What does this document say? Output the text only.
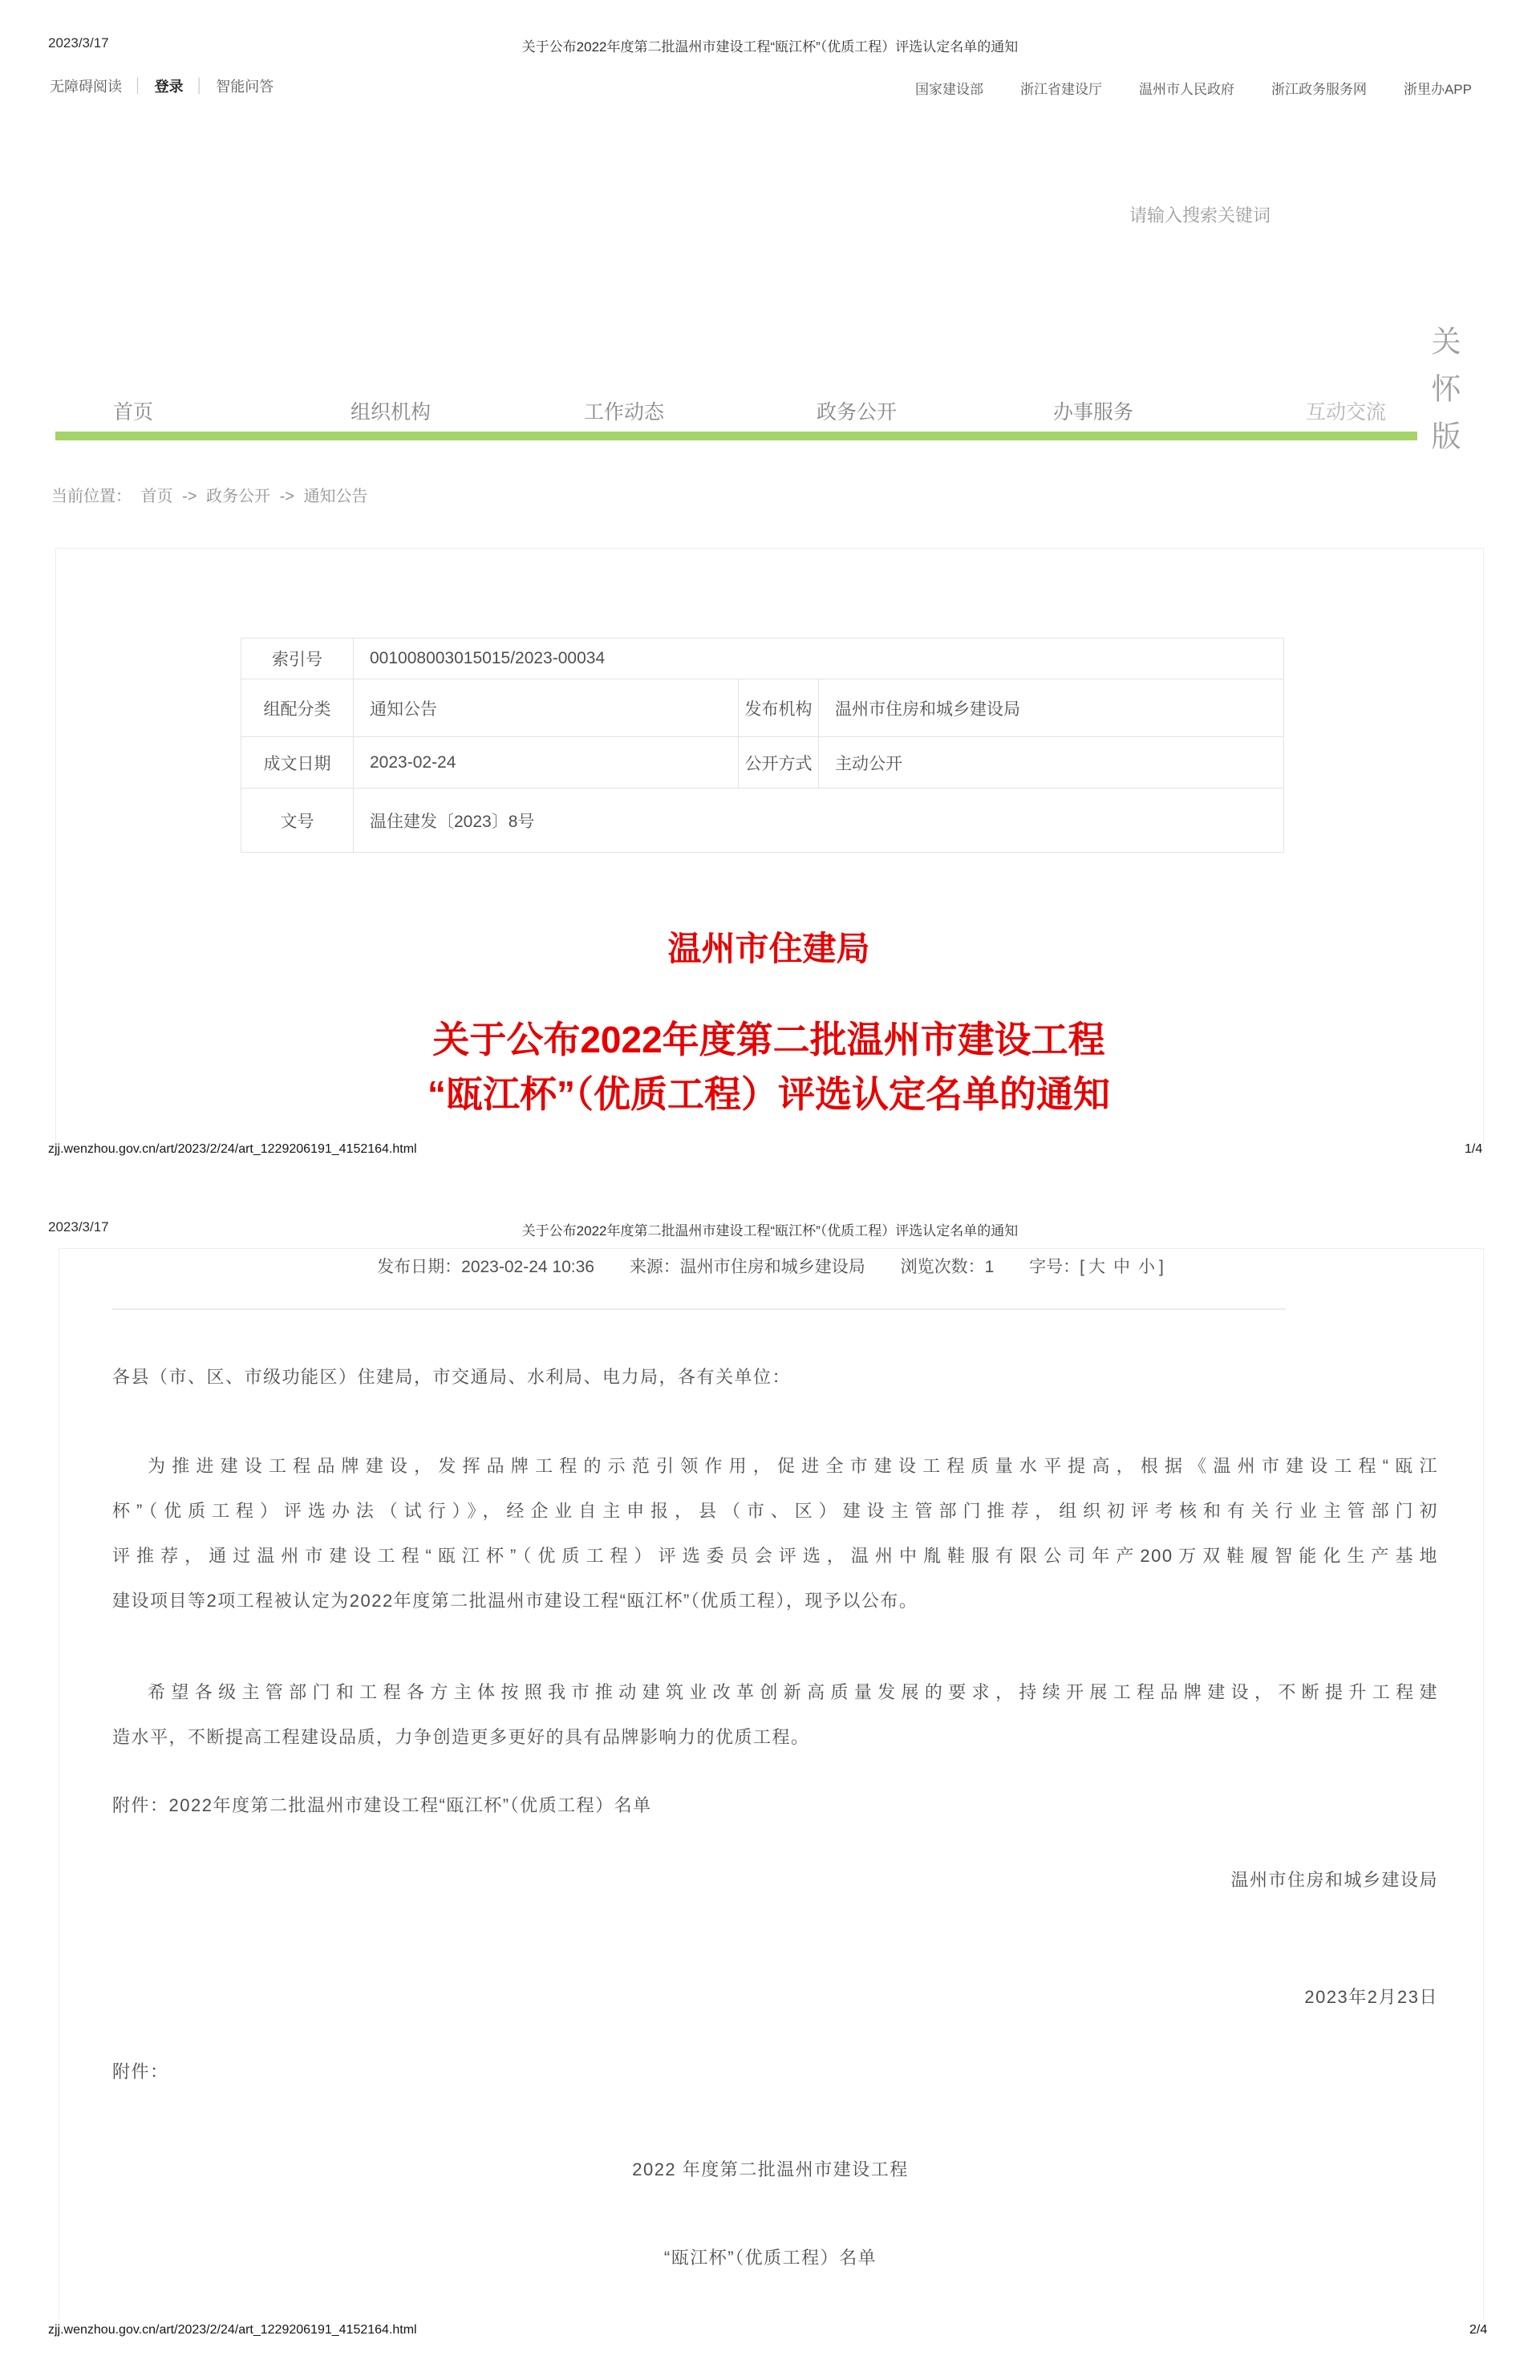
2023/3/17	关于公布2022年度第二批温州市建设工程“瓯江杯”（优质工程）评选认定名单的通知
无障碍阅读 │ 登录 │ 智能问答	国家建设部	浙江省建设厅	温州市人民政府	浙江政务服务网	浙里办APP
请输入搜索关键词
首页	组织机构	工作动态	政务公开	办事服务	互动交流 关怀版
当前位置： 首页 -> 政务公开 -> 通知公告
索引号	001008003015015/2023-00034		
组配分类	通知公告	发布机构	温州市住房和城乡建设局
成文日期	2023-02-24	公开方式	主动公开
文号	温住建发〔2023〕8号		
温州市住建局
关于公布2022年度第二批温州市建设工程
“瓯江杯”（优质工程）评选认定名单的通知
zjj.wenzhou.gov.cn/art/2023/2/24/art_1229206191_4152164.html	1/4
2023/3/17	关于公布2022年度第二批温州市建设工程“瓯江杯”（优质工程）评选认定名单的通知
发布日期：2023-02-24 10:36 来源：温州市住房和城乡建设局 浏览次数：1 字号：[ 大 中 小 ]
各县（市、区、市级功能区）住建局，市交通局、水利局、电力局，各有关单位：
为推进建设工程品牌建设，发挥品牌工程的示范引领作用，促进全市建设工程质量水平提高，根据《温州市建设工程“瓯江
杯”（优质工程）评选办法（试行）》，经企业自主申报，县（市、区）建设主管部门推荐，组织初评考核和有关行业主管部门初
评推荐，通过温州市建设工程“瓯江杯”（优质工程）评选委员会评选，温州中胤鞋服有限公司年产200万双鞋履智能化生产基地
建设项目等2项工程被认定为2022年度第二批温州市建设工程“瓯江杯”（优质工程），现予以公布。
希望各级主管部门和工程各方主体按照我市推动建筑业改革创新高质量发展的要求，持续开展工程品牌建设，不断提升工程建
造水平，不断提高工程建设品质，力争创造更多更好的具有品牌影响力的优质工程。
附件：2022年度第二批温州市建设工程“瓯江杯”（优质工程）名单
温州市住房和城乡建设局
2023年2月23日
附件：
2022 年度第二批温州市建设工程
“瓯江杯”（优质工程）名单
zjj.wenzhou.gov.cn/art/2023/2/24/art_1229206191_4152164.html	2/4
